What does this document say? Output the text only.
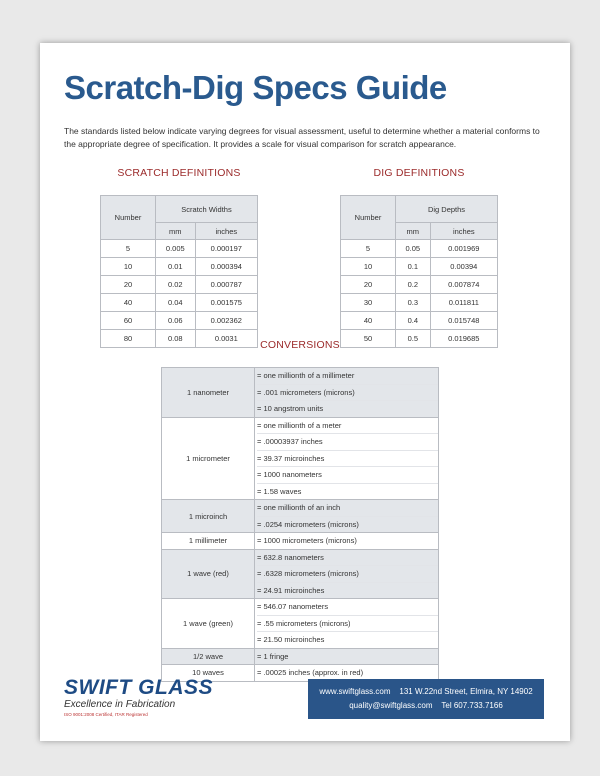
Scratch-Dig Specs Guide

The standards listed below indicate varying degrees for visual assessment, useful to determine whether a material conforms to the appropriate degree of specification. It provides a scale for visual comparison for scratch appearance.

SCRATCH DEFINITIONS
Number	Scratch Widths	
	mm	inches
5	0.005	0.000197
10	0.01	0.000394
20	0.02	0.000787
40	0.04	0.001575
60	0.06	0.002362
80	0.08	0.0031
DIG DEFINITIONS
Number	Dig Depths	
	mm	inches
5	0.05	0.001969
10	0.1	0.00394
20	0.2	0.007874
30	0.3	0.011811
40	0.4	0.015748
50	0.5	0.019685
CONVERSIONS
1 nanometer	= one millionth of a millimeter
= .001 micrometers (microns)
= 10 angstrom units

1 micrometer	= one millionth of a meter
= .00003937 inches
= 39.37 microinches
= 1000 nanometers
= 1.58 waves

1 microinch	= one millionth of an inch
= .0254 micrometers (microns)

1 millimeter	= 1000 micrometers (microns)

1 wave (red)	= 632.8 nanometers
= .6328 micrometers (microns)
= 24.91 microinches

1 wave (green)	= 546.07 nanometers
= .55 micrometers (microns)
= 21.50 microinches

1/2 wave	= 1 fringe

10 waves	= .00025 inches (approx. in red)

SWIFT GLASS

Excellence in Fabrication

ISO 9001:2008 Certified, ITAR Registered

www.swiftglass.com 131 W.22nd Street, Elmira, NY 14902
quality@swiftglass.com Tel 607.733.7166
